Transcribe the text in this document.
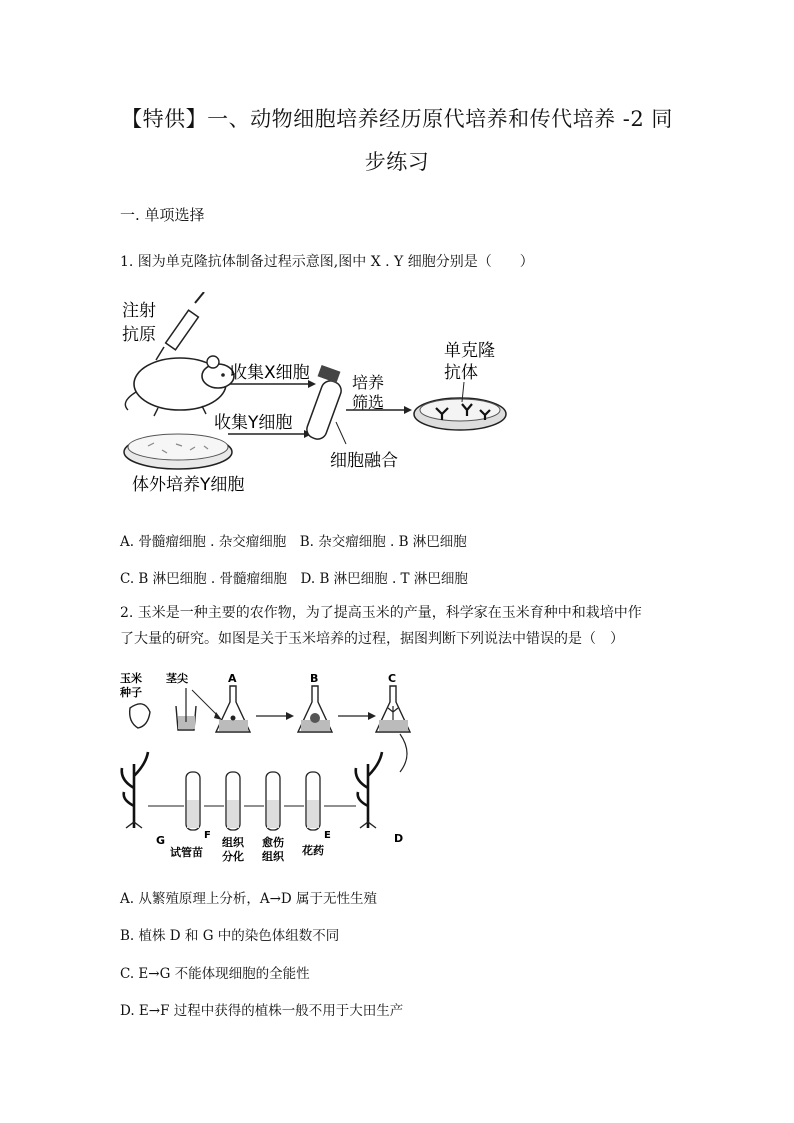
【特供】一、动物细胞培养经历原代培养和传代培养 -2 同
步练习
一. 单项选择
1. 图为单克隆抗体制备过程示意图,图中 X . Y 细胞分别是（　　）
注射
抗原
体外培养Y细胞
收集X细胞
收集Y细胞
细胞融合
培养
筛选
单克隆
抗体
A. 骨髓瘤细胞 . 杂交瘤细胞　B. 杂交瘤细胞 . B 淋巴细胞
C. B 淋巴细胞 . 骨髓瘤细胞　D. B 淋巴细胞 . T 淋巴细胞
2. 玉米是一种主要的农作物，为了提高玉米的产量，科学家在玉米育种中和栽培中作
了大量的研究。如图是关于玉米培养的过程，据图判断下列说法中错误的是（　）
玉米
种子
茎尖	A	B	C
G	D
F
试管苗
组织
分化
愈伤
组织
E
花药
A. 从繁殖原理上分析，A→D 属于无性生殖
B. 植株 D 和 G 中的染色体组数不同
C. E→G 不能体现细胞的全能性
D. E→F 过程中获得的植株一般不用于大田生产
